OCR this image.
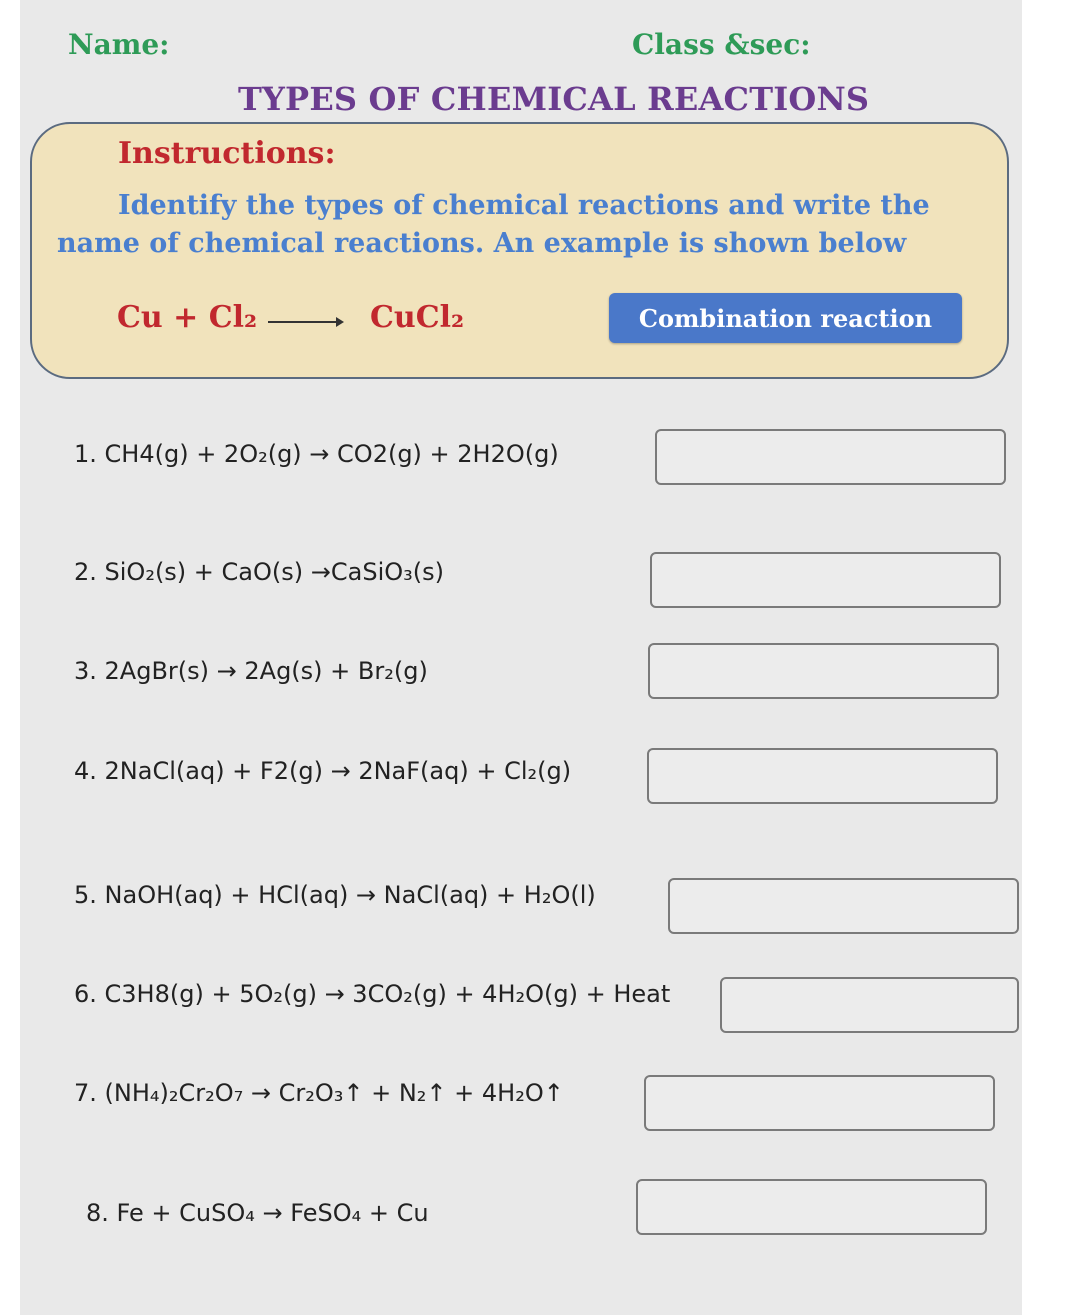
Name:	Class &sec:
TYPES OF CHEMICAL REACTIONS
Instructions:
Identify the types of chemical reactions and write the
name of chemical reactions. An example is shown below
Cu + Cl₂	CuCl₂	Combination reaction
1. CH4(g) + 2O₂(g) → CO2(g) + 2H2O(g)
2. SiO₂(s) + CaO(s) →CaSiO₃(s)
3. 2AgBr(s) → 2Ag(s) + Br₂(g)
4. 2NaCl(aq) + F2(g) → 2NaF(aq) + Cl₂(g)
5. NaOH(aq) + HCl(aq) → NaCl(aq) + H₂O(l)
6. C3H8(g) + 5O₂(g) → 3CO₂(g) + 4H₂O(g) + Heat
7. (NH₄)₂Cr₂O₇ → Cr₂O₃↑ + N₂↑ + 4H₂O↑
8. Fe + CuSO₄ → FeSO₄ + Cu
